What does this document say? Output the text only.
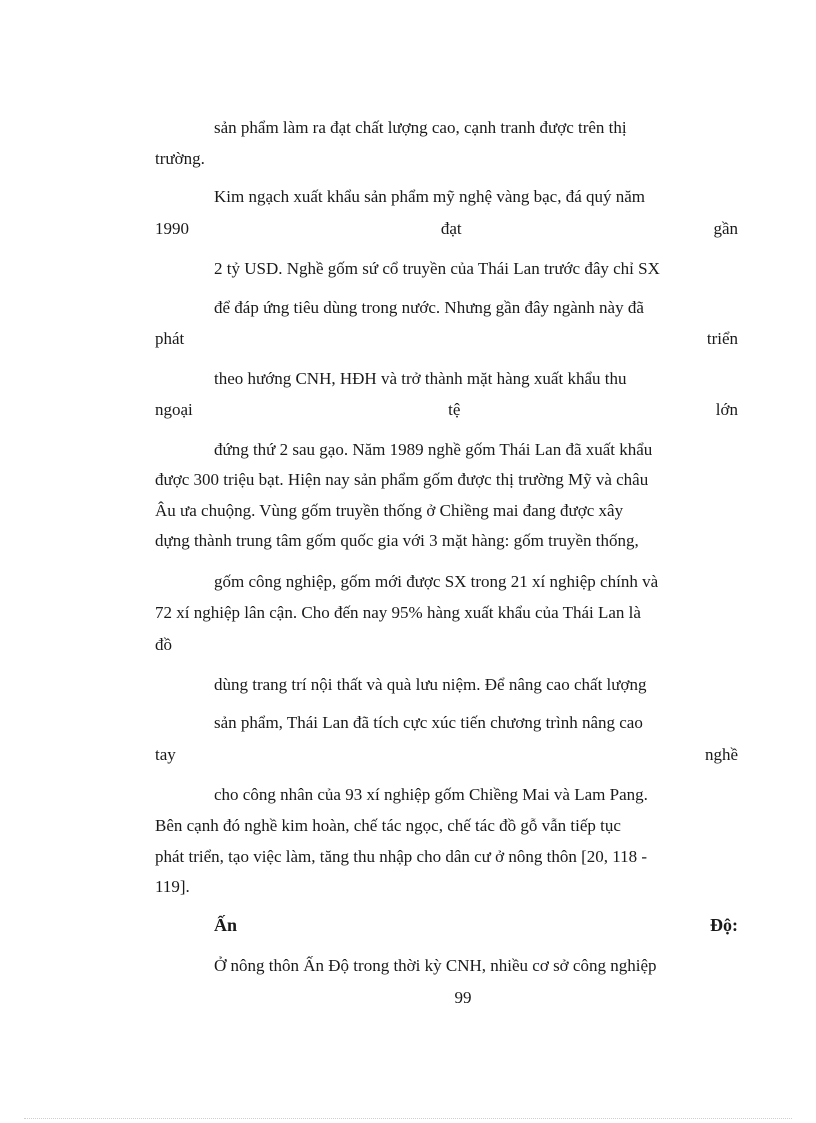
sản phẩm làm ra đạt chất lượng cao, cạnh tranh được trên thị
trường.
Kim ngạch xuất khẩu sản phẩm mỹ nghệ vàng bạc, đá quý năm
1990	đạt	gần
2 tỷ USD. Nghề gốm sứ cổ truyền của Thái Lan trước đây chỉ SX
để đáp ứng tiêu dùng trong nước. Nhưng gần đây ngành này đã
phát	triển
theo hướng CNH, HĐH và trở thành mặt hàng xuất khẩu thu
ngoại	tệ	lớn
đứng thứ 2 sau gạo. Năm 1989 nghề gốm Thái Lan đã xuất khẩu
được 300 triệu bạt. Hiện nay sản phẩm gốm được thị trường Mỹ và châu
Âu ưa chuộng. Vùng gốm truyền thống ở Chiềng mai đang được xây
dựng thành trung tâm gốm quốc gia với 3 mặt hàng: gốm truyền thống,
gốm công nghiệp, gốm mới được SX trong 21 xí nghiệp chính và
72 xí nghiệp lân cận. Cho đến nay 95% hàng xuất khẩu của Thái Lan là
đồ
dùng trang trí nội thất và quà lưu niệm. Để nâng cao chất lượng
sản phẩm, Thái Lan đã tích cực xúc tiến chương trình nâng cao
tay	nghề
cho công nhân của 93 xí nghiệp gốm Chiềng Mai và Lam Pang.
Bên cạnh đó nghề kim hoàn, chế tác ngọc, chế tác đồ gỗ vẫn tiếp tục
phát triển, tạo việc làm, tăng thu nhập cho dân cư ở nông thôn [20, 118 -
119].
Ấn	Độ:
Ở nông thôn Ấn Độ trong thời kỳ CNH, nhiều cơ sở công nghiệp
99
